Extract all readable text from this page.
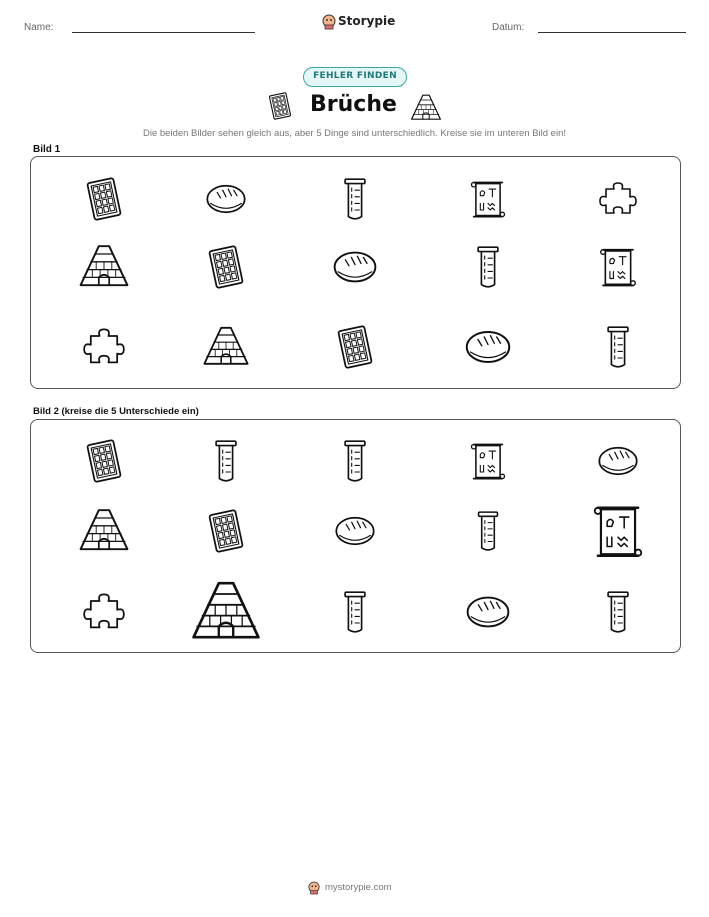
Name:	Storypie	Datum:
FEHLER FINDEN
Brüche
Die beiden Bilder sehen gleich aus, aber 5 Dinge sind unterschiedlich. Kreise sie im unteren Bild ein!
Bild 1
Bild 2 (kreise die 5 Unterschiede ein)
mystorypie.com
